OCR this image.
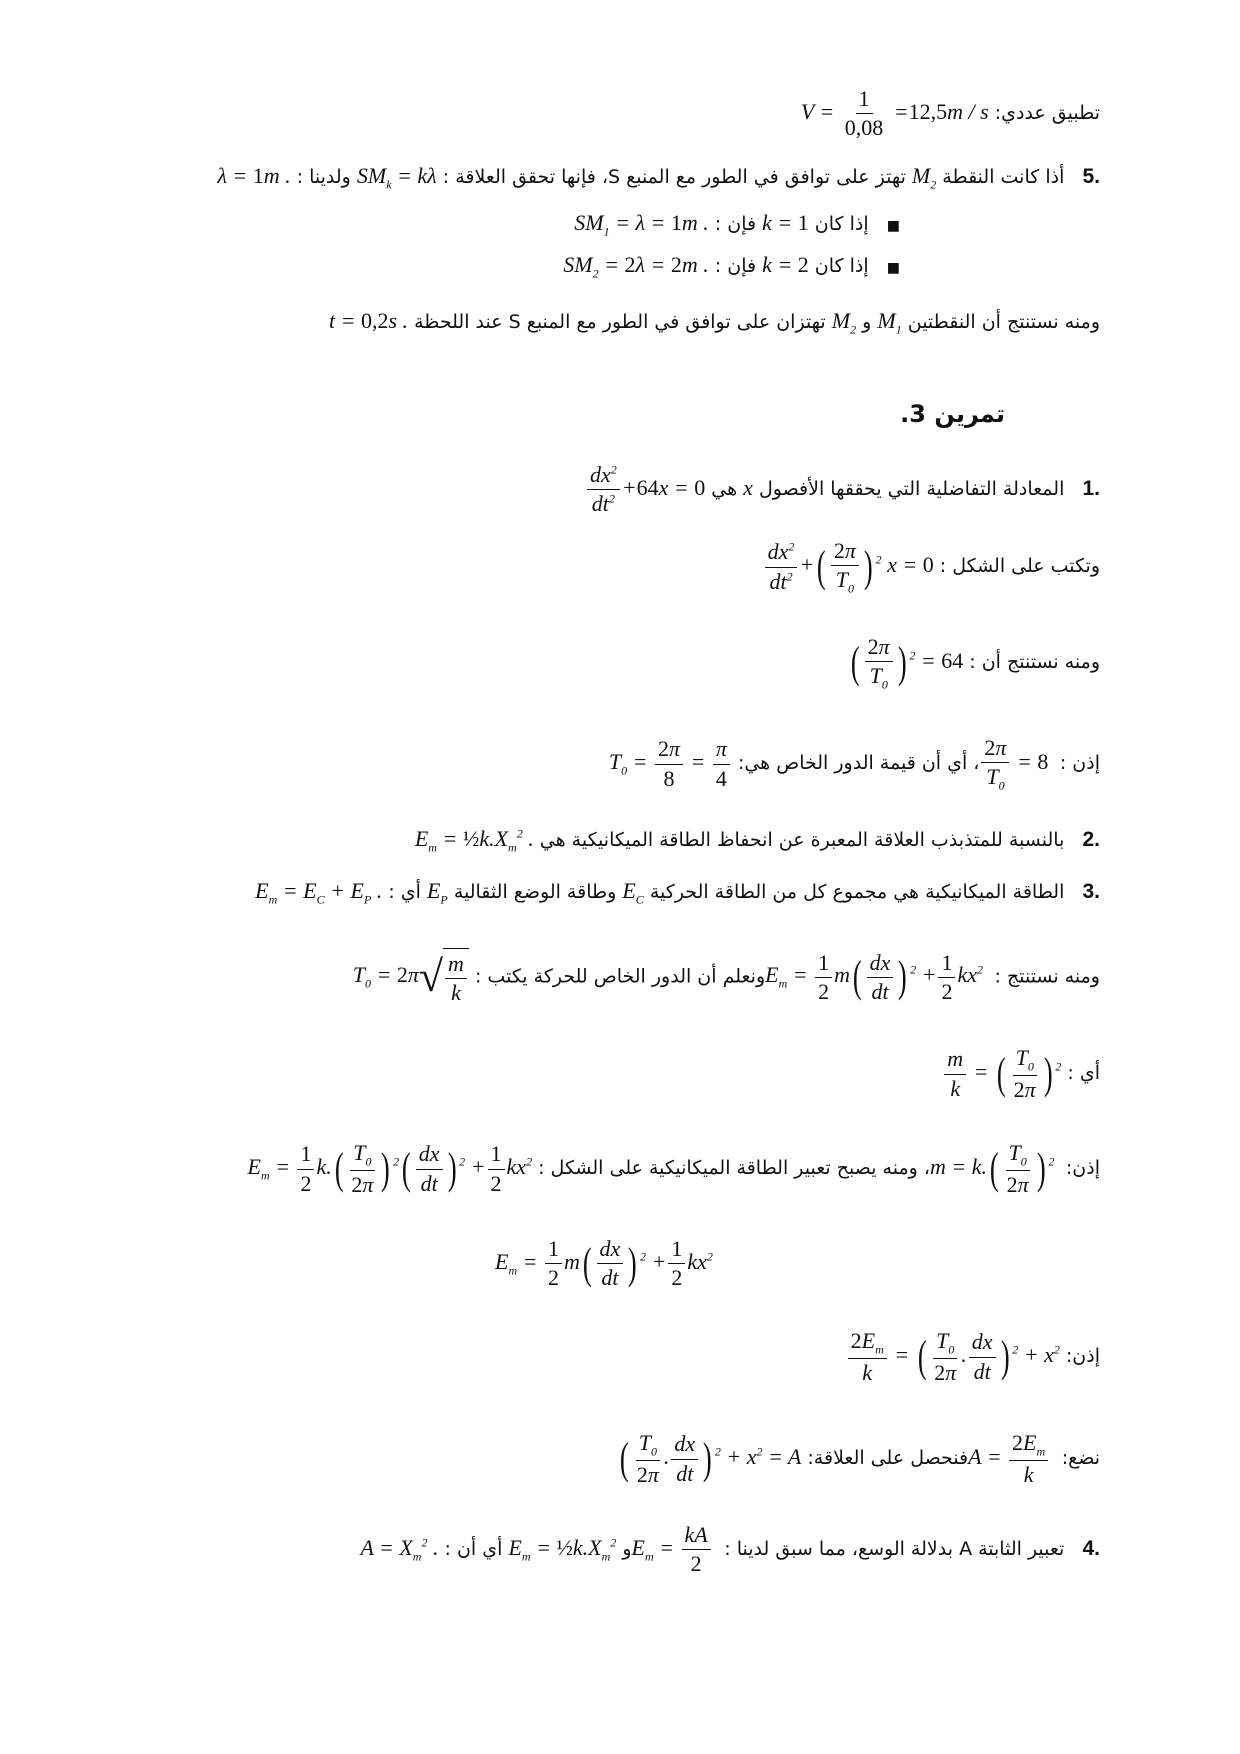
تطبيق عددي: $V = \frac{1}{0,08} =12,5m / s$
5.   أذا كانت النقطة $M_2$ تهتز على توافق في الطور مع المنبع S، فإنها تحقق العلاقة : $SM_k = k\lambda$ ولدينا : λ = 1m .
■   إذا كان k = 1 فإن : $SM_1 = \lambda = 1m$ .
■   إذا كان k = 2 فإن : $SM_2 = 2\lambda = 2m$ .
ومنه نستنتج أن النقطتين $M_1$ و $M_2$ تهتزان على توافق في الطور مع المنبع S عند اللحظة t = 0,2s .
تمرين 3.
1.   المعادلة التفاضلية التي يحققها الأفصول x هي
$\frac{dx^2}{dt^2} +64x = 0$
وتكتب على الشكل :
$\frac{dx^2}{dt^2}$ +( $\frac{2\pi}{T_0}$ ) $^2$ x = 0
ومنه نستنتج أن : ( $\frac{2\pi}{T_0}$ ) $^2$ = 64
إذن :
$\frac{2\pi}{T_0} = 8$ ، أي أن قيمة الدور الخاص هي: $T_0 = \frac{2\pi}{8} = \frac{\pi}{4}$
2.   بالنسبة للمتذبذب العلاقة المعبرة عن انحفاظ الطاقة الميكانيكية هي $E_m$ = $\frac{1}{2}k.X_m^2$ .
3.   الطاقة الميكانيكية هي مجموع كل من الطاقة الحركية $E_C$ وطاقة الوضع الثقالية $E_P$ أي : $E_m = E_C + E_P$ .
ومنه نستنتج : $E_m = \frac{1}{2} m( \frac{dx}{dt}$ ) $^2 + \frac{1}{2} kx^2$ ونعلم أن الدور الخاص للحركة يكتب : $T_0 = 2\pi$ √ $\frac{m}{k}$
أي :
$\frac{m}{k}$ = ( $\frac{T_0}{2\pi}$ ) $^2$
إذن: $m = k.( \frac{T_0}{2\pi}$ ) $^2$ ، ومنه يصبح تعبير الطاقة الميكانيكية على الشكل : $E_m = \frac{1}{2} k.( \frac{T_0}{2\pi}$ ) $^2( \frac{dx}{dt}$ ) $^2 + \frac{1}{2} kx^2$
$E_m = \frac{1}{2} m( \frac{dx}{dt}$ ) $^2 + \frac{1}{2} kx^2$
إذن:
$\frac{2E_m}{k}$ = ( $\frac{T_0}{2\pi}$ . $\frac{dx}{dt}$ ) $^2 + x^2$
نضع: $A = \frac{2E_m}{k}$
فنحصل على العلاقة: ( $\frac{T_0}{2\pi}$ . $\frac{dx}{dt}$ ) $^2 + x^2 = A$
4.   تعبير الثابتة A بدلالة الوسع، مما سبق لدينا : $E_m = \frac{kA}{2}$
و $E_m$ = $\frac{1}{2}k.X_m^2$ أي أن : $A = X_m^2$ .
